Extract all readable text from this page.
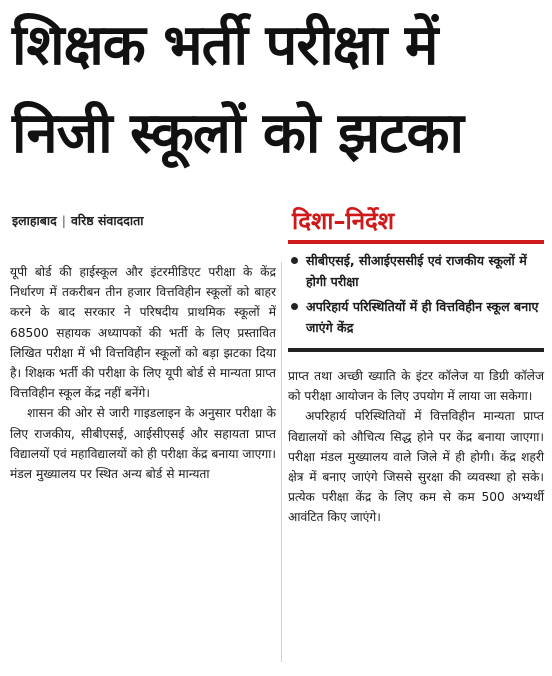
शिक्षक भर्ती परीक्षा में
निजी स्कूलों को झटका
इलाहाबाद | वरिष्ठ संवाददाता

यूपी बोर्ड की हाईस्कूल और इंटरमीडिएट परीक्षा के केंद्र निर्धारण में तकरीबन तीन हजार वित्तविहीन स्कूलों को बाहर करने के बाद सरकार ने परिषदीय प्राथमिक स्कूलों में 68500 सहायक अध्यापकों की भर्ती के लिए प्रस्तावित लिखित परीक्षा में भी वित्तविहीन स्कूलों को बड़ा झटका दिया है। शिक्षक भर्ती की परीक्षा के लिए यूपी बोर्ड से मान्यता प्राप्त वित्तविहीन स्कूल केंद्र नहीं बनेंगे।

शासन की ओर से जारी गाइडलाइन के अनुसार परीक्षा के लिए राजकीय, सीबीएसई, आईसीएसई और सहायता प्राप्त विद्यालयों एवं महाविद्यालयों को ही परीक्षा केंद्र बनाया जाएगा। मंडल मुख्यालय पर स्थित अन्य बोर्ड से मान्यता

दिशा–निर्देश
सीबीएसई, सीआईएससीई एवं राजकीय स्कूलों में होगी परीक्षा
अपरिहार्य परिस्थितियों में ही वित्तविहीन स्कूल बनाए जाएंगे केंद्र

प्राप्त तथा अच्छी ख्याति के इंटर कॉलेज या डिग्री कॉलेज को परीक्षा आयोजन के लिए उपयोग में लाया जा सकेगा।

अपरिहार्य परिस्थितियों में वित्तविहीन मान्यता प्राप्त विद्यालयों को औचित्य सिद्ध होने पर केंद्र बनाया जाएगा। परीक्षा मंडल मुख्यालय वाले जिले में ही होगी। केंद्र शहरी क्षेत्र में बनाए जाएंगे जिससे सुरक्षा की व्यवस्था हो सके। प्रत्येक परीक्षा केंद्र के लिए कम से कम 500 अभ्यर्थी आवंटित किए जाएंगे।
